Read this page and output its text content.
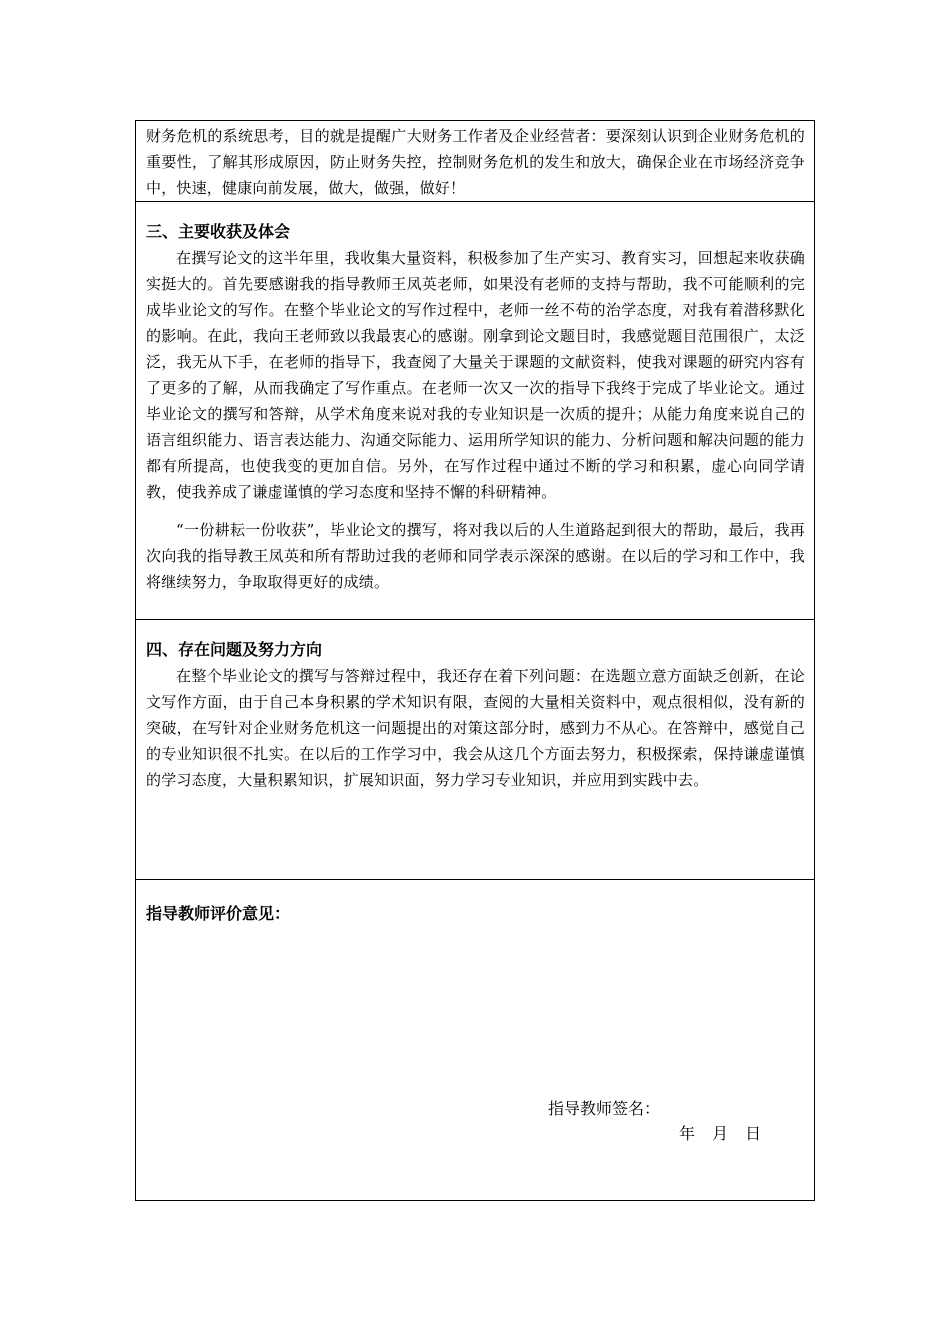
财务危机的系统思考，目的就是提醒广大财务工作者及企业经营者：要深刻认识到企业财务危机的重要性，了解其形成原因，防止财务失控，控制财务危机的发生和放大，确保企业在市场经济竞争中，快速，健康向前发展，做大，做强，做好！

三、主要收获及体会

在撰写论文的这半年里，我收集大量资料，积极参加了生产实习、教育实习，回想起来收获确实挺大的。首先要感谢我的指导教师王凤英老师，如果没有老师的支持与帮助，我不可能顺利的完成毕业论文的写作。在整个毕业论文的写作过程中，老师一丝不苟的治学态度，对我有着潜移默化的影响。在此，我向王老师致以我最衷心的感谢。刚拿到论文题目时，我感觉题目范围很广，太泛泛，我无从下手，在老师的指导下，我查阅了大量关于课题的文献资料，使我对课题的研究内容有了更多的了解，从而我确定了写作重点。在老师一次又一次的指导下我终于完成了毕业论文。通过毕业论文的撰写和答辩，从学术角度来说对我的专业知识是一次质的提升；从能力角度来说自己的语言组织能力、语言表达能力、沟通交际能力、运用所学知识的能力、分析问题和解决问题的能力都有所提高，也使我变的更加自信。另外，在写作过程中通过不断的学习和积累，虚心向同学请教，使我养成了谦虚谨慎的学习态度和坚持不懈的科研精神。

“一份耕耘一份收获”，毕业论文的撰写，将对我以后的人生道路起到很大的帮助，最后，我再次向我的指导教王凤英和所有帮助过我的老师和同学表示深深的感谢。在以后的学习和工作中，我将继续努力，争取取得更好的成绩。

四、存在问题及努力方向

在整个毕业论文的撰写与答辩过程中，我还存在着下列问题：在选题立意方面缺乏创新，在论文写作方面，由于自己本身积累的学术知识有限，查阅的大量相关资料中，观点很相似，没有新的突破，在写针对企业财务危机这一问题提出的对策这部分时，感到力不从心。在答辩中，感觉自己的专业知识很不扎实。在以后的工作学习中，我会从这几个方面去努力，积极探索，保持谦虚谨慎的学习态度，大量积累知识，扩展知识面，努力学习专业知识，并应用到实践中去。

指导教师评价意见：

指导教师签名：

年 月 日
